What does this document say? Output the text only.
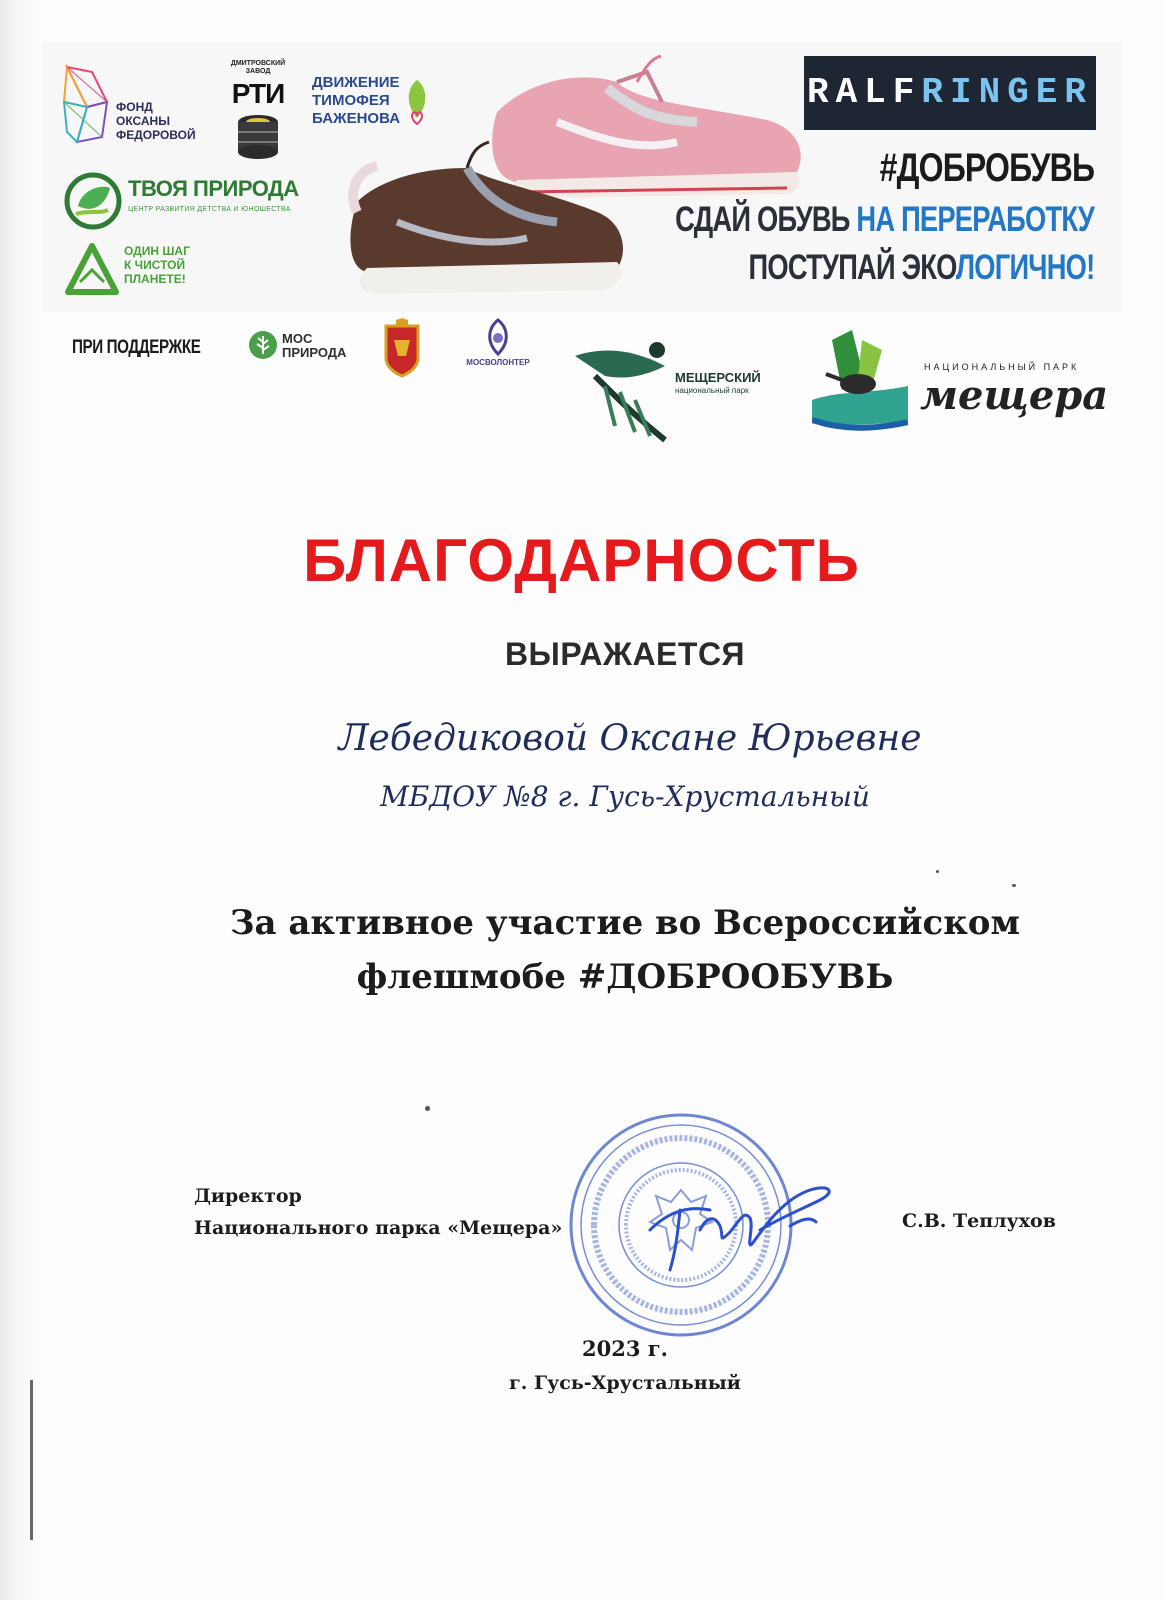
ФОНД
ОКСАНЫ
ФЕДОРОВОЙ
ДМИТРОВСКИЙ
ЗАВОД
РТИ ДВИЖЕНИЕ
ТИМОФЕЯ
БАЖЕНОВА
ТВОЯ ПРИРОДА
ЦЕНТР РАЗВИТИЯ ДЕТСТВА И ЮНОШЕСТВА
ОДИН ШАГ
К ЧИСТОЙ
ПЛАНЕТЕ!
RALFRINGER
#ДОБРОБУВЬ
СДАЙ ОБУВЬ НА ПЕРЕРАБОТКУ
ПОСТУПАЙ ЭКОЛОГИЧНО!
ПРИ ПОДДЕРЖКЕ	МОС
ПРИРОДА
МОСВОЛОНТЕР
МЕЩЕРСКИЙ
национальный парк
НАЦИОНАЛЬНЫЙ ПАРК
мещера
БЛАГОДАРНОСТЬ
ВЫРАЖАЕТСЯ
Лебедиковой Оксане Юрьевне
МБДОУ №8 г. Гусь-Хрустальный
За активное участие во Всероссийском
флешмобе #ДОБРООБУВЬ
Директор
Национального парка «Мещера»	С.В. Теплухов
2023 г.
г. Гусь-Хрустальный
